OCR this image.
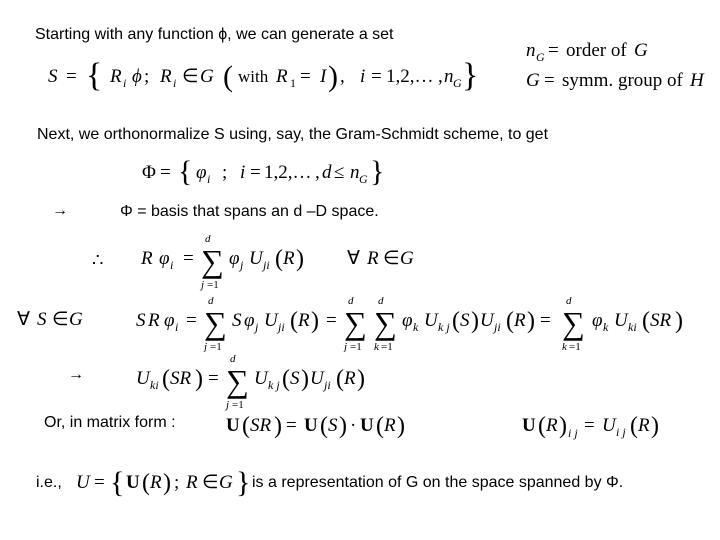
Starting with any function ϕ, we can generate a set
S = { R i ϕ ; R i ∈ G ( with R 1 = I ) , i = 1,2,… , n G }
n G = order of G
G = symm. group of H
Next, we orthonormalize S using, say, the Gram-Schmidt scheme, to get
Φ = { φ i ; i = 1,2,… , d ≤ n G }
→	Φ = basis that spans an d –D space.
∴ R φ i =
d
∑
j =1
φ j U ji ( R ) ∀ R ∈ G
∀ S ∈ G	S R φ i =
d
∑
j =1
S φ j U ji ( R ) =
d
∑
j =1
d
∑
k =1
φ k U k j ( S ) U ji ( R ) =
d
∑
k =1
φ k U ki ( SR )
→	U ki ( SR ) =
d
∑
j =1
U k j ( S ) U ji ( R )
Or, in matrix form :	U ( SR ) = U ( S ) · U ( R )	U ( R ) i j = U i j ( R )
i.e., U = { U ( R ) ; R ∈ G } is a representation of G on the space spanned by Φ.
